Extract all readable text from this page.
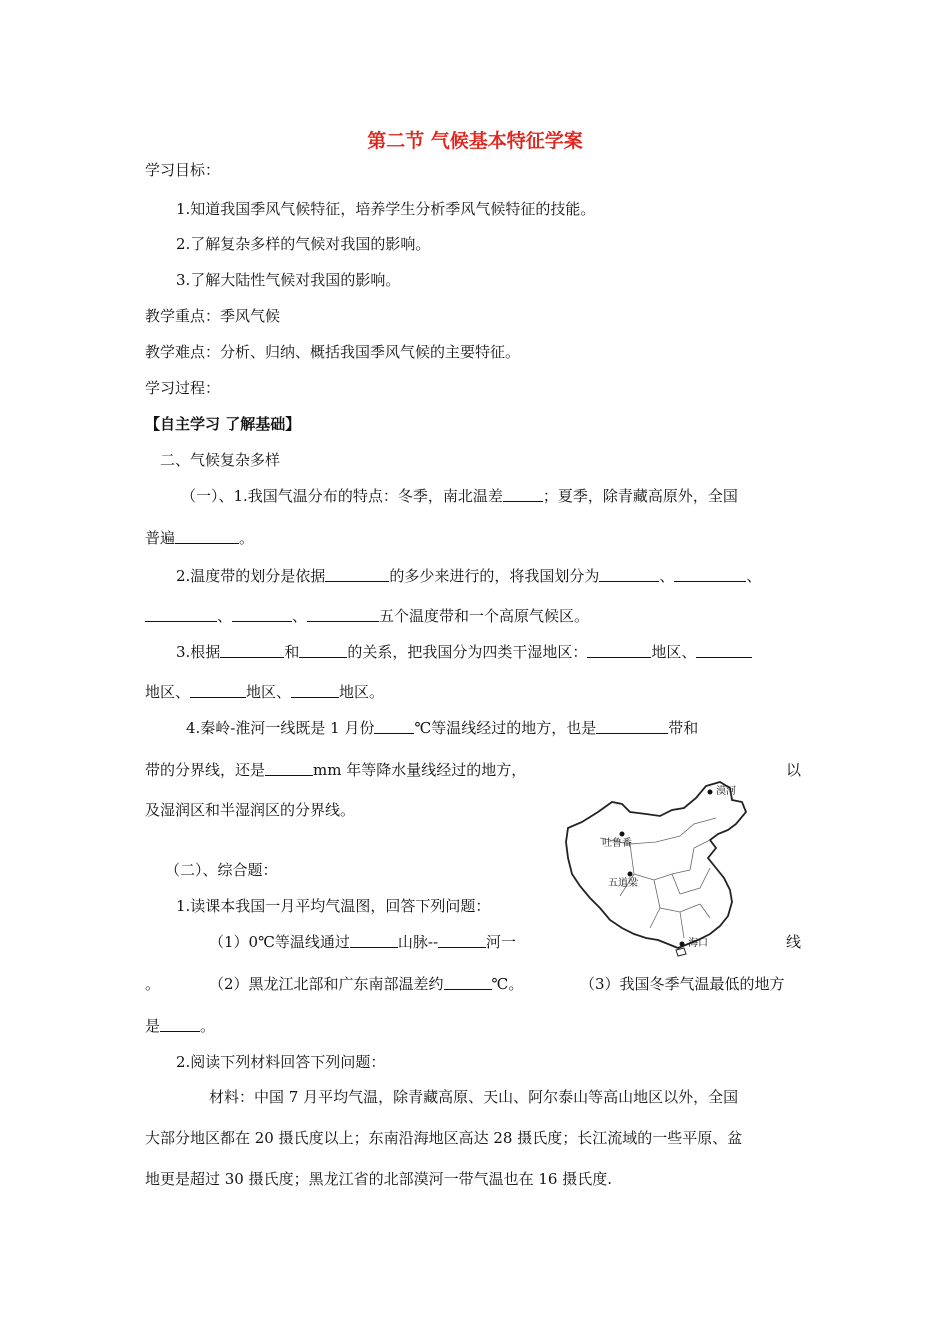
第二节 气候基本特征学案
学习目标：
1.知道我国季风气候特征，培养学生分析季风气候特征的技能。
2.了解复杂多样的气候对我国的影响。
3.了解大陆性气候对我国的影响。
教学重点：季风气候
教学难点：分析、归纳、概括我国季风气候的主要特征。
学习过程：
【自主学习 了解基础】
二、气候复杂多样
（一）、1.我国气温分布的特点：冬季，南北温差	；夏季，除青藏高原外，全国
普遍	。
2.温度带的划分是依据	的多少来进行的，将我国划分为	、	、
、	、	五个温度带和一个高原气候区。
3.根据	和	的关系，把我国分为四类干湿地区：	地区、
地区、	地区、	地区。
4.秦岭-淮河一线既是 1 月份	℃等温线经过的地方，也是	带和
带的分界线，还是	mm 年等降水量线经过的地方，	以
及湿润区和半湿润区的分界线。
（二）、综合题：
1.读课本我国一月平均气温图，回答下列问题：
（1）0℃等温线通过	山脉--	河一	线
。	（2）黑龙江北部和广东南部温差约	℃。	（3）我国冬季气温最低的地方
是	。
2.阅读下列材料回答下列问题：
材料：中国 7 月平均气温，除青藏高原、天山、阿尔泰山等高山地区以外，全国
大部分地区都在 20 摄氏度以上；东南沿海地区高达 28 摄氏度；长江流域的一些平原、盆
地更是超过 30 摄氏度；黑龙江省的北部漠河一带气温也在 16 摄氏度.
漠河
吐鲁番
五道梁
海口
